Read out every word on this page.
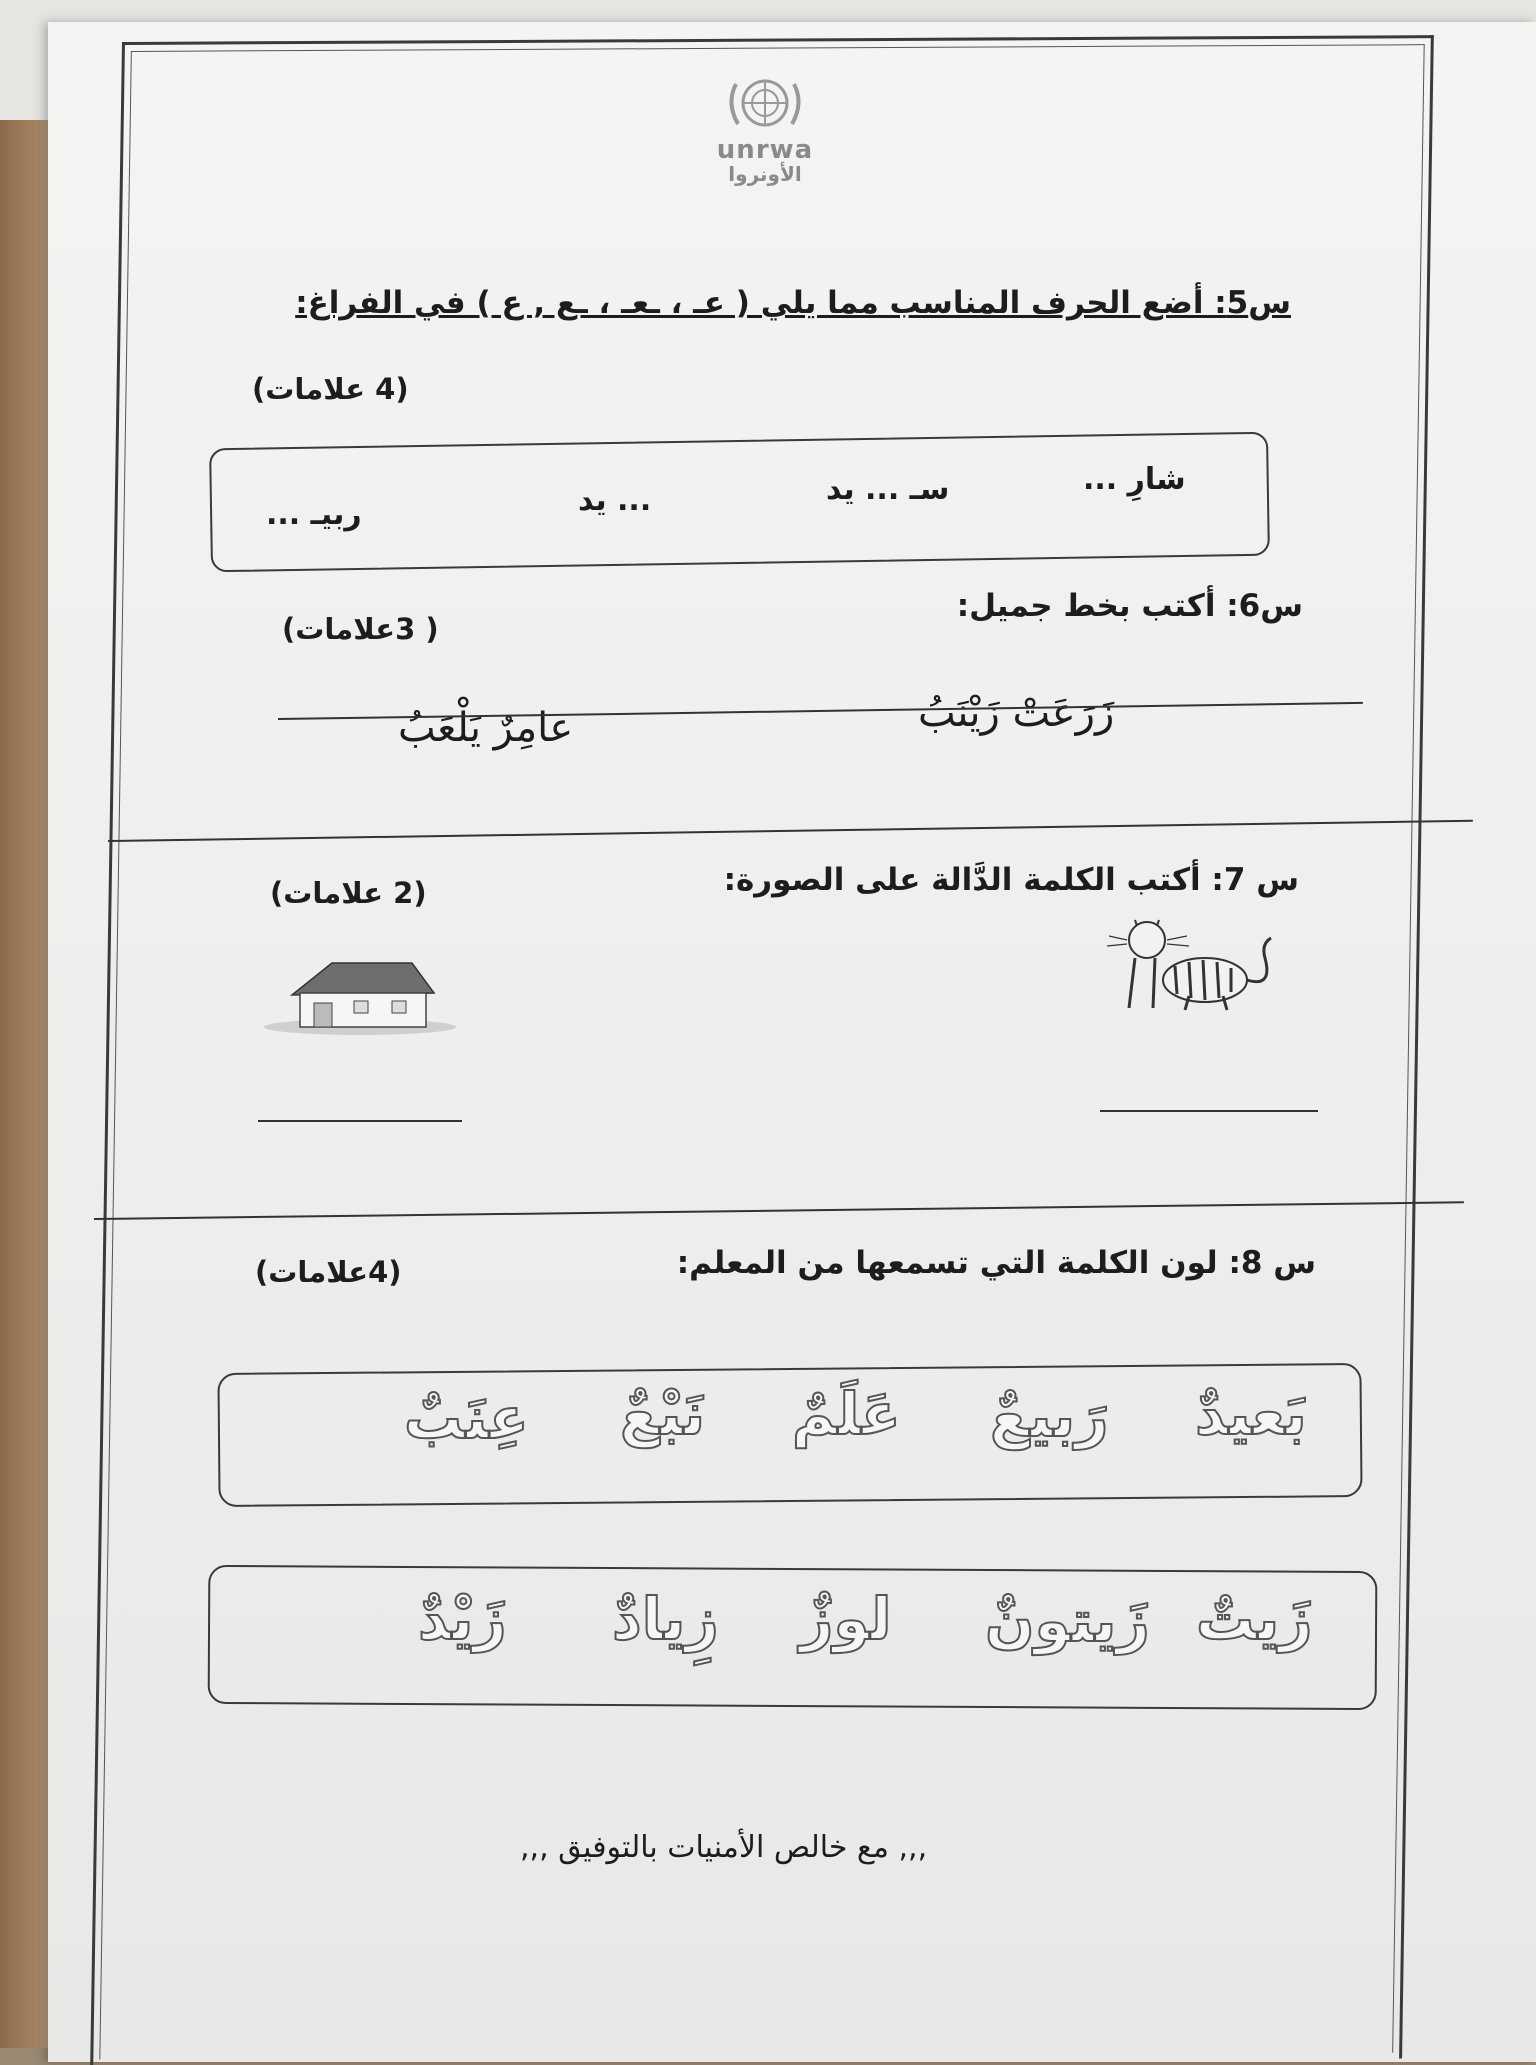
unrwa
الأونروا
س5: أضع الحرف المناسب مما يلي ( عـ ، ـعـ ، ـع , ع ) في الفراغ:
(4 علامات)
شارِ ...
سـ ... يد
... يد
ربيـ ...
س6: أكتب بخط جميل:
( 3علامات)
زَرَعَتْ زَيْنَبُ
عامِرٌ يَلْعَبُ
س 7: أكتب الكلمة الدَّالة على الصورة:
(2 علامات)
س 8: لون الكلمة التي تسمعها من المعلم:
(4علامات)
بَعيدٌ
رَبيعٌ
عَلَمٌ
نَبْعٌ
عِنَبٌ
زَيتٌ
زَيتونٌ
لوزٌ
زِيادٌ
زَيْدٌ
,,, مع خالص الأمنيات بالتوفيق ,,,
